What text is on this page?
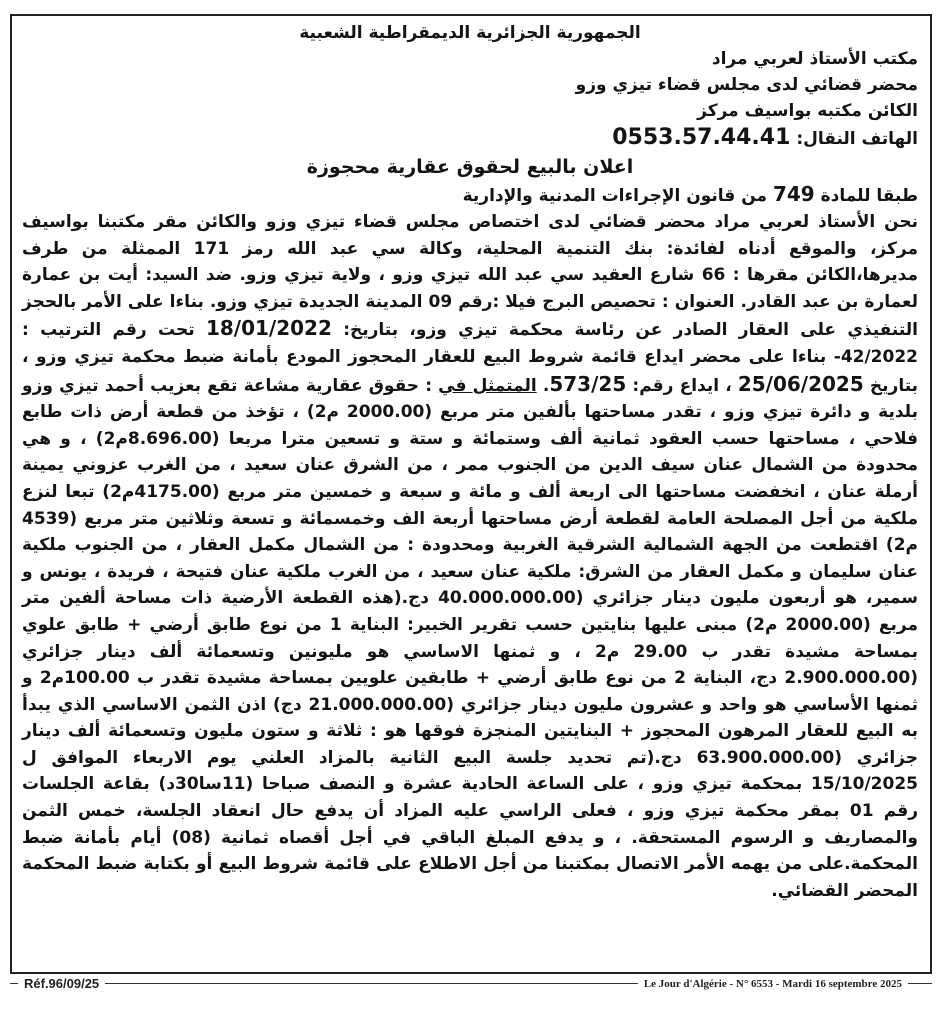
الجمهورية الجزائرية الديمقراطية الشعبية

مكتب الأستاذ لعربي مراد

محضر قضائي لدى مجلس قضاء تيزي وزو

الكائن مكتبه بواسيف مركز

الهاتف النقال: 0553.57.44.41

اعلان بالبيع لحقوق عقارية محجوزة

طبقا للمادة 749 من قانون الإجراءات المدنية والإدارية

نحن الأستاذ لعربي مراد محضر قضائي لدى اختصاص مجلس قضاء تيزي وزو والكائن مقر مكتبنا بواسيف مركز، والموقع أدناه لفائدة: بنك التنمية المحلية، وكالة سي عبد الله رمز 171 الممثلة من طرف مديرها،الكائن مقرها : 66 شارع العقيد سي عبد الله تيزي وزو ، ولاية تيزي وزو. ضد السيد: أيت بن عمارة لعمارة بن عبد القادر. العنوان : تحصيص البرج فيلا :رقم 09 المدينة الجديدة تيزي وزو. بناءا على الأمر بالحجز التنفيذي على العقار الصادر عن رئاسة محكمة تيزي وزو، بتاريخ: 18/01/2022 تحت رقم الترتيب : 42/2022- بناءا على محضر ايداع قائمة شروط البيع للعقار المحجوز المودع بأمانة ضبط محكمة تيزي وزو ، بتاريخ 25/06/2025 ، ايداع رقم: 573/25. المتمثل في : حقوق عقارية مشاعة تقع بعزيب أحمد تيزي وزو بلدية و دائرة تيزي وزو ، تقدر مساحتها بألفين متر مربع (2000.00 م2) ، تؤخذ من قطعة أرض ذات طابع فلاحي ، مساحتها حسب العقود ثمانية ألف وستمائة و ستة و تسعين مترا مربعا (8.696.00م2) ، و هي محدودة من الشمال عنان سيف الدين من الجنوب ممر ، من الشرق عنان سعيد ، من الغرب عزوني يمينة أرملة عنان ، انخفضت مساحتها الى اربعة ألف و مائة و سبعة و خمسين متر مربع (4175.00م2) تبعا لنزع ملكية من أجل المصلحة العامة لقطعة أرض مساحتها أربعة الف وخمسمائة و تسعة وثلاثين متر مربع (4539 م2) اقتطعت من الجهة الشمالية الشرقية الغربية ومحدودة : من الشمال مكمل العقار ، من الجنوب ملكية عنان سليمان و مكمل العقار من الشرق: ملكية عنان سعيد ، من الغرب ملكية عنان فتيحة ، فريدة ، يونس و سمير، هو أربعون مليون دينار جزائري (40.000.000.00 دج.(هذه القطعة الأرضية ذات مساحة ألفين متر مربع (2000.00 م2) مبنى عليها بنايتين حسب تقرير الخبير: البناية 1 من نوع طابق أرضي + طابق علوي بمساحة مشيدة تقدر ب 29.00 م2 ، و ثمنها الاساسي هو مليونين وتسعمائة ألف دينار جزائري (2.900.000.00 دج، البناية 2 من نوع طابق أرضي + طابقين علويين بمساحة مشيدة تقدر ب 100.00م2 و ثمنها الأساسي هو واحد و عشرون مليون دينار جزائري (21.000.000.00 دج) اذن الثمن الاساسي الذي يبدأ به البيع للعقار المرهون المحجوز + البنايتين المنجزة فوقها هو : ثلاثة و ستون مليون وتسعمائة ألف دينار جزائري (63.900.000.00 دج.(تم تحديد جلسة البيع الثانية بالمزاد العلني يوم الاربعاء الموافق ل 15/10/2025 بمحكمة تيزي وزو ، على الساعة الحادية عشرة و النصف صباحا (11سا30د) بقاعة الجلسات رقم 01 بمقر محكمة تيزي وزو ، فعلى الراسي عليه المزاد أن يدفع حال انعقاد الجلسة، خمس الثمن والمصاريف و الرسوم المستحقة. ، و يدفع المبلغ الباقي في أجل أقصاه ثمانية (08) أيام بأمانة ضبط المحكمة.على من يهمه الأمر الاتصال بمكتبنا من أجل الاطلاع على قائمة شروط البيع أو بكتابة ضبط المحكمة المحضر القضائي.

Réf.96/09/25	Le Jour d'Algérie - N° 6553 - Mardi 16 septembre 2025
